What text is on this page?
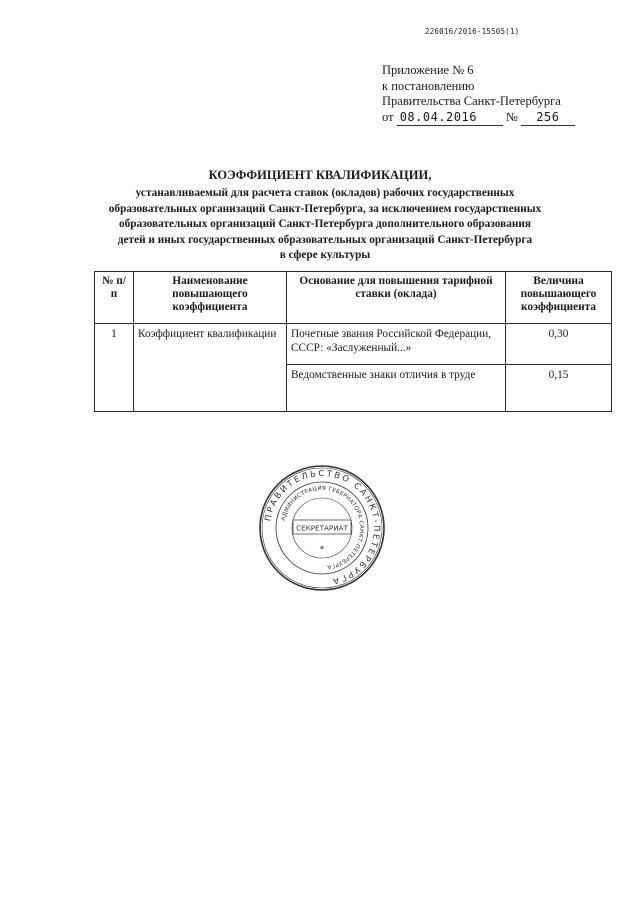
226016/2016-15505(1)
Приложение № 6
к постановлению
Правительства Санкт-Петербурга
от 08.04.2016 № 256
КОЭФФИЦИЕНТ КВАЛИФИКАЦИИ,
устанавливаемый для расчета ставок (окладов) рабочих государственных
образовательных организаций Санкт-Петербурга, за исключением государственных
образовательных организаций Санкт-Петербурга дополнительного образования
детей и иных государственных образовательных организаций Санкт-Петербурга
в сфере культуры
№ п/п	Наименование повышающего коэффициента	Основание для повышения тарифной ставки (оклада)	Величина повышающего коэффициента
1	Коэффициент квалификации	Почетные звания Российской Федерации, СССР: «Заслуженный...»	0,30
		Ведомственные знаки отличия в труде	0,15
ПРАВИТЕЛЬСТВО САНКТ-ПЕТЕРБУРГА
АДМИНИСТРАЦИЯ ГУБЕРНАТОРА САНКТ-ПЕТЕРБУРГА
СЕКРЕТАРИАТ
*
